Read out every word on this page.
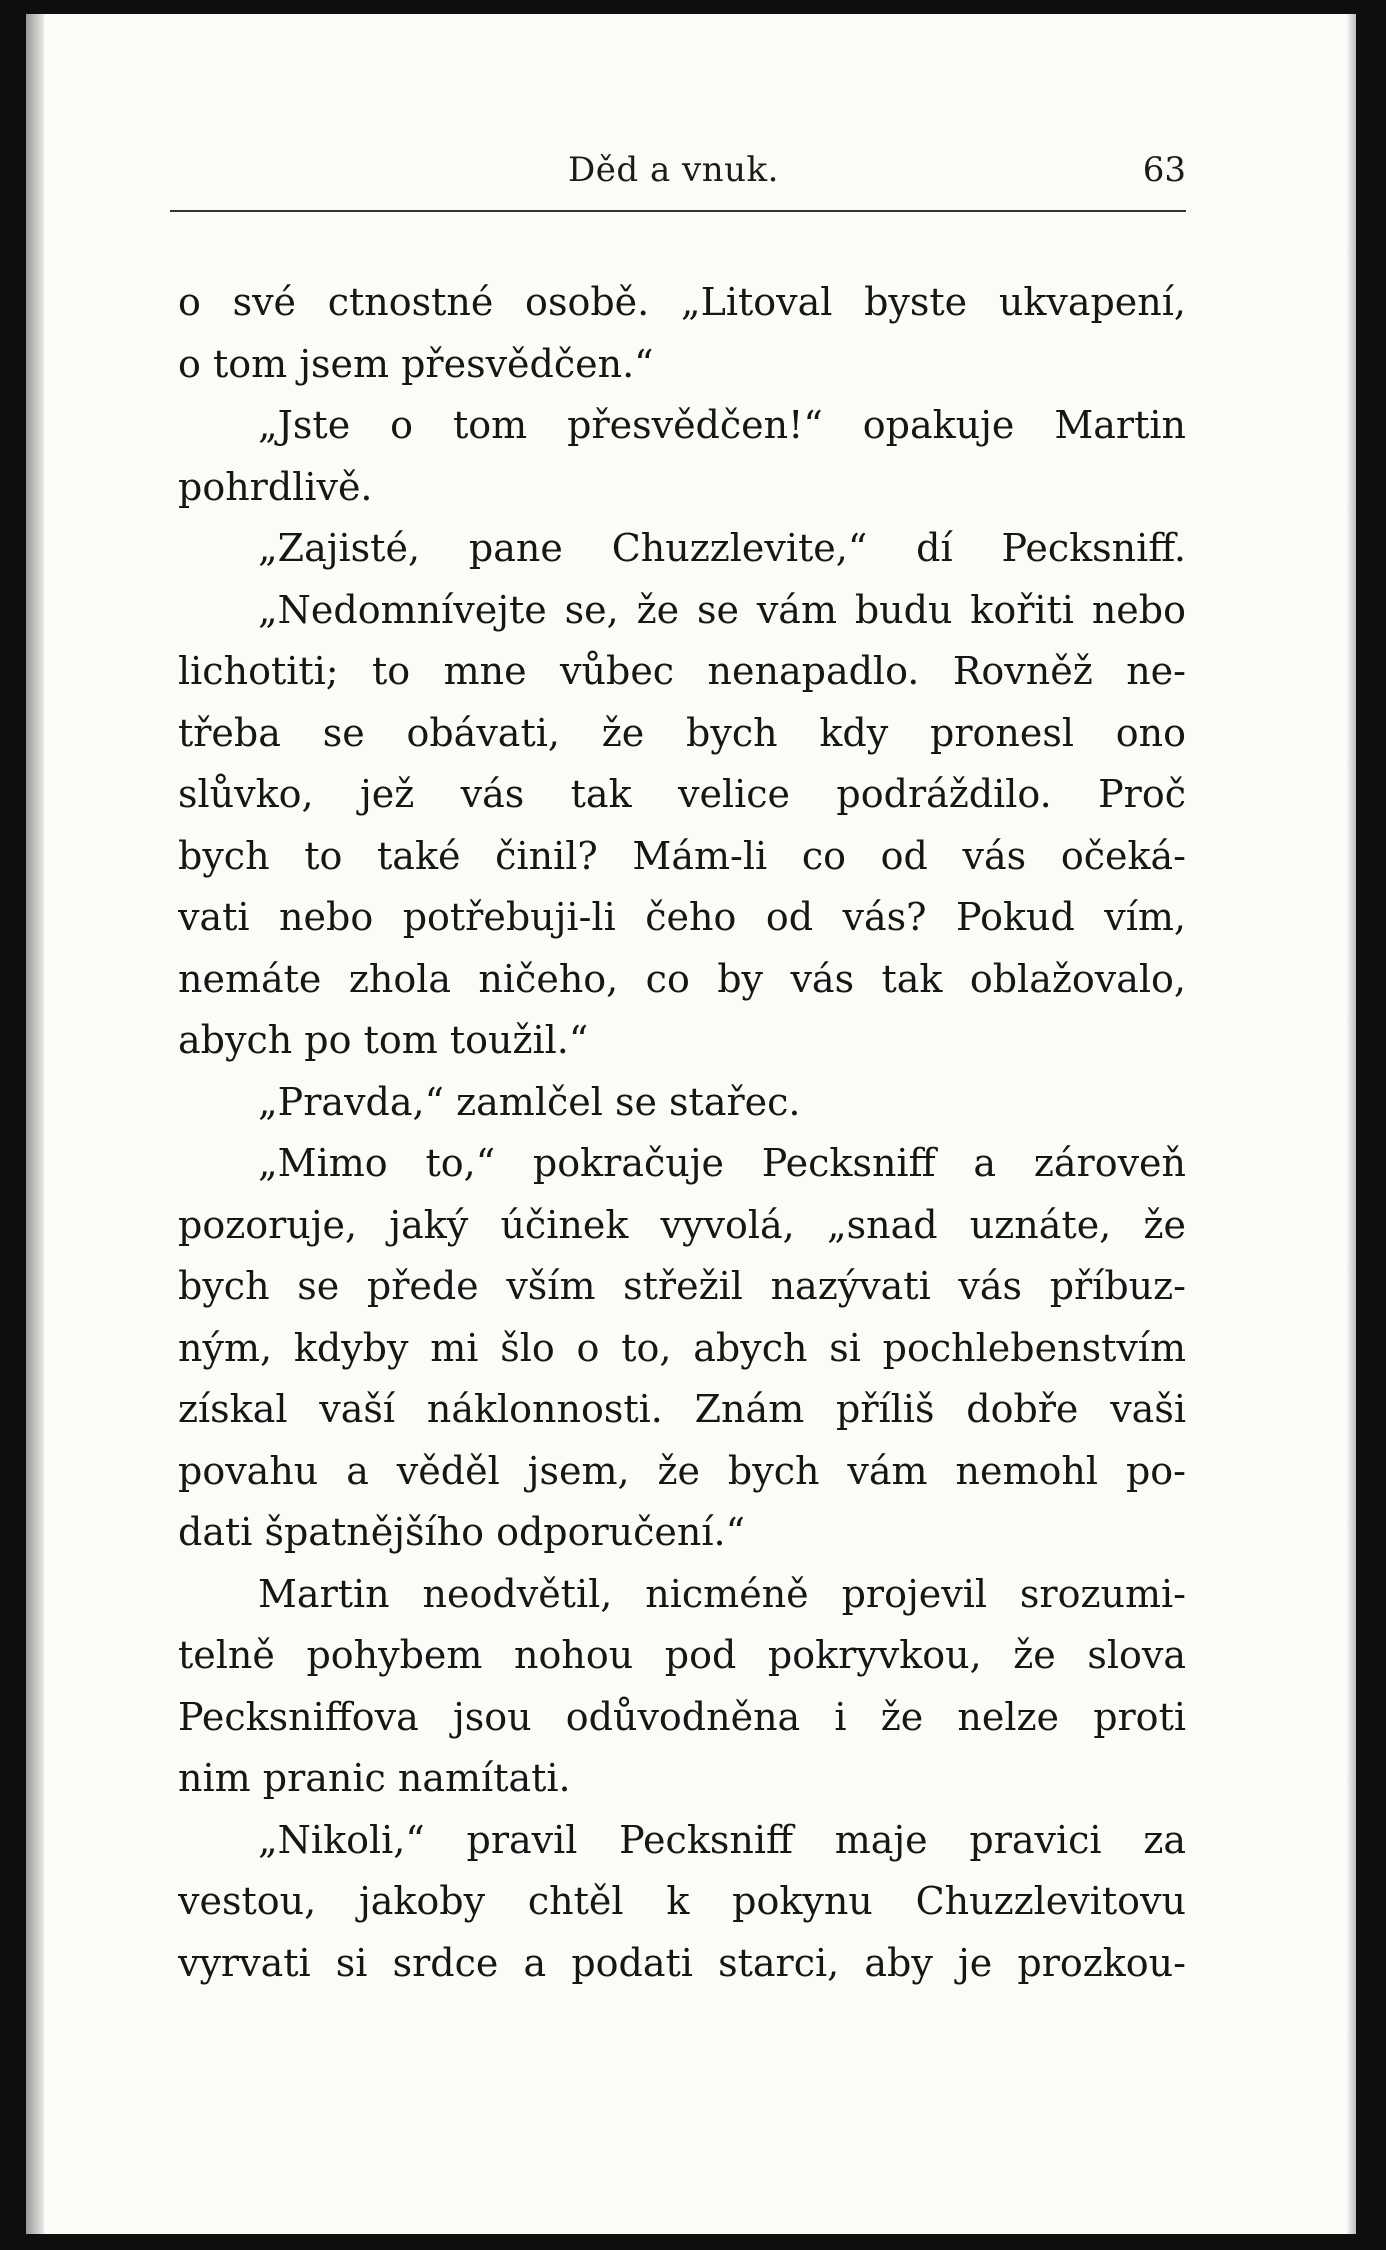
Děd a vnuk.	63
o své ctnostné osobě. „Litoval byste ukvapení,
o tom jsem přesvědčen.“
„Jste o tom přesvědčen!“ opakuje Martin
pohrdlivě.
„Zajisté, pane Chuzzlevite,“ dí Pecksniff.
„Nedomnívejte se, že se vám budu kořiti nebo
lichotiti; to mne vůbec nenapadlo. Rovněž ne-
třeba se obávati, že bych kdy pronesl ono
slůvko, jež vás tak velice podráždilo. Proč
bych to také činil? Mám-li co od vás očeká-
vati nebo potřebuji-li čeho od vás? Pokud vím,
nemáte zhola ničeho, co by vás tak oblažovalo,
abych po tom toužil.“
„Pravda,“ zamlčel se stařec.
„Mimo to,“ pokračuje Pecksniff a zároveň
pozoruje, jaký účinek vyvolá, „snad uznáte, že
bych se přede vším střežil nazývati vás příbuz-
ným, kdyby mi šlo o to, abych si pochlebenstvím
získal vaší náklonnosti. Znám příliš dobře vaši
povahu a věděl jsem, že bych vám nemohl po-
dati špatnějšího odporučení.“
Martin neodvětil, nicméně projevil srozumi-
telně pohybem nohou pod pokryvkou, že slova
Pecksniffova jsou odůvodněna i že nelze proti
nim pranic namítati.
„Nikoli,“ pravil Pecksniff maje pravici za
vestou, jakoby chtěl k pokynu Chuzzlevitovu
vyrvati si srdce a podati starci, aby je prozkou-
